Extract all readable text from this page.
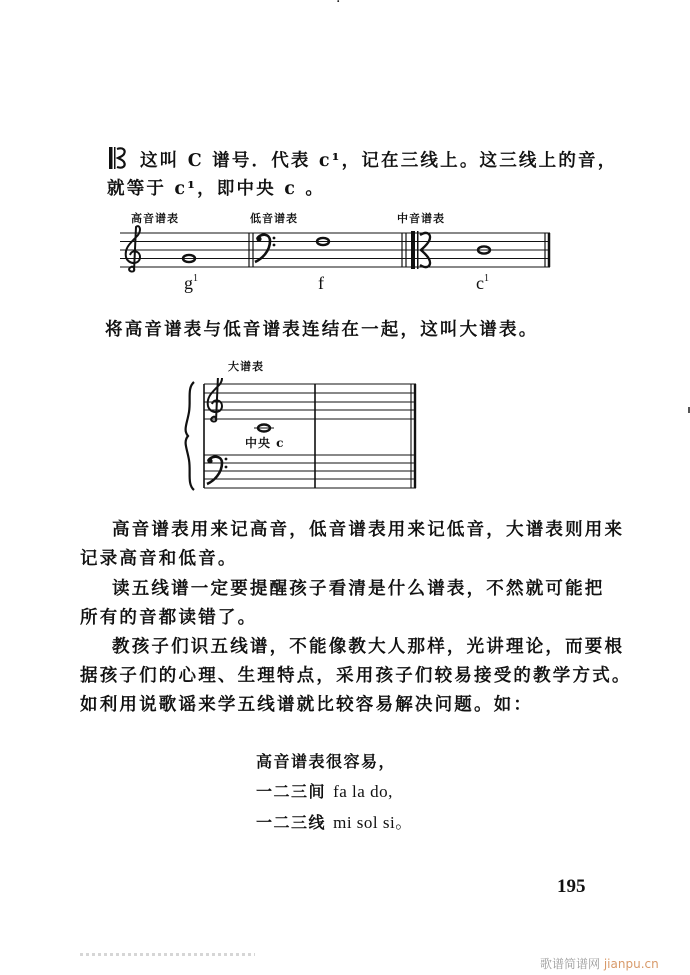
·
这叫 C 谱号．代表 c¹，记在三线上。这三线上的音，
就等于 c¹，即中央 c 。
高音谱表	低音谱表	中音谱表
$g^1$	f	$c^1$
将高音谱表与低音谱表连结在一起，这叫大谱表。
大谱表
中央 c
高音谱表用来记高音，低音谱表用来记低音，大谱表则用来
记录高音和低音。
读五线谱一定要提醒孩子看清是什么谱表，不然就可能把
所有的音都读错了。
教孩子们识五线谱，不能像教大人那样，光讲理论，而要根
据孩子们的心理、生理特点，采用孩子们较易接受的教学方式。
如利用说歌谣来学五线谱就比较容易解决问题。如：
高音谱表很容易，
一二三间 fa la do,
一二三线 mi sol si。
195
歌谱简谱网 jianpu.cn
